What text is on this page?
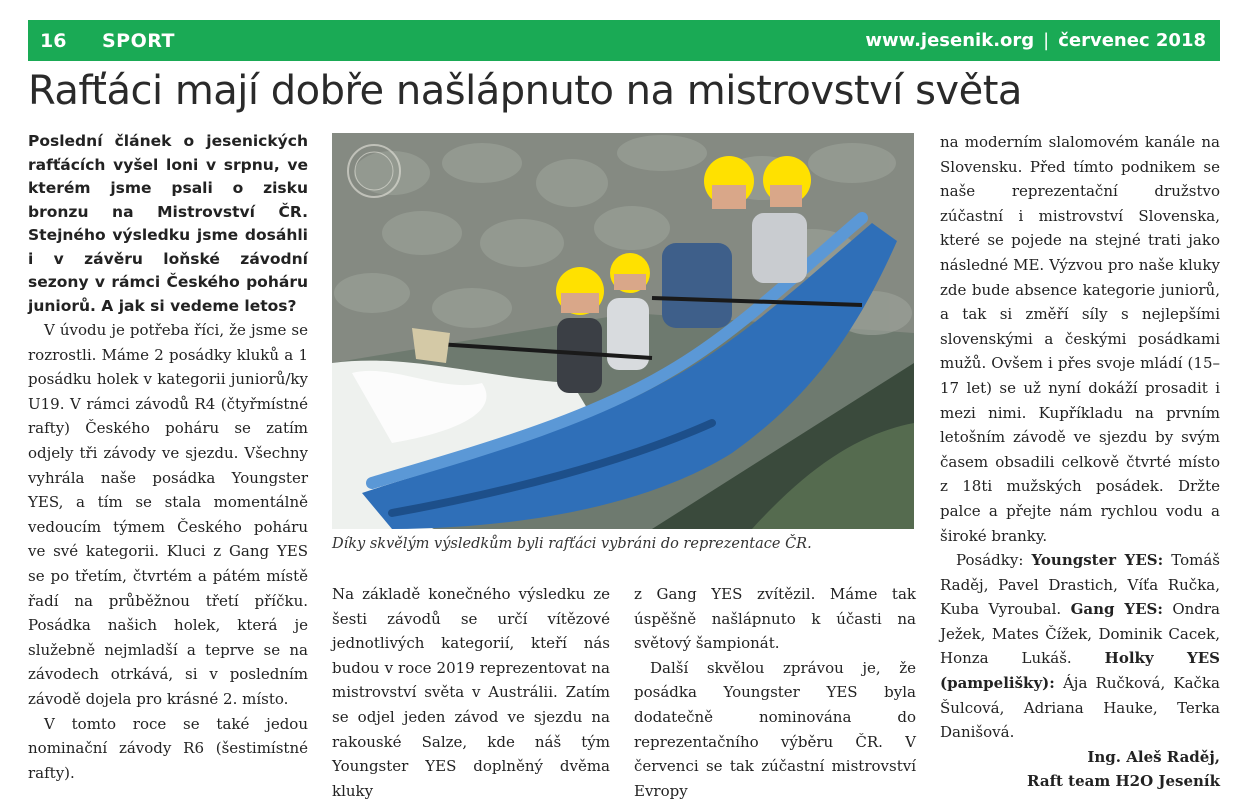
16 SPORT	www.jesenik.org | červenec 2018
Rafťáci mají dobře našlápnuto na mistrovství světa

Poslední článek o jesenických rafťácích vyšel loni v srpnu, ve kterém jsme psali o zisku bronzu na Mistrovství ČR. Stejného výsledku jsme dosáhli i v závěru loňské závodní sezony v rámci Českého poháru juniorů. A jak si vedeme letos?

V úvodu je potřeba říci, že jsme se rozrostli. Máme 2 posádky kluků a 1 posádku holek v kategorii juniorů/ky U19. V rámci závodů R4 (čtyřmístné rafty) Českého poháru se zatím odjely tři závody ve sjezdu. Všechny vyhrála naše posádka Youngster YES, a tím se stala momentálně vedoucím týmem Českého poháru ve své kategorii. Kluci z Gang YES se po třetím, čtvrtém a pátém místě řadí na průběžnou třetí příčku. Posádka našich holek, která je služebně nejmladší a teprve se na závodech otrkává, si v posledním závodě dojela pro krásné 2. místo.

V tomto roce se také jedou nominační závody R6 (šestimístné rafty).

Díky skvělým výsledkům byli rafťáci vybráni do reprezentace ČR.

Na základě konečného výsledku ze šesti závodů se určí vítězové jednotlivých kategorií, kteří nás budou v roce 2019 reprezentovat na mistrovství světa v Austrálii. Zatím se odjel jeden závod ve sjezdu na rakouské Salze, kde náš tým Youngster YES doplněný dvěma kluky

z Gang YES zvítězil. Máme tak úspěšně našlápnuto k účasti na světový šampionát.

Další skvělou zprávou je, že posádka Youngster YES byla dodatečně nominována do reprezentačního výběru ČR. V červenci se tak zúčastní mistrovství Evropy

na moderním slalomovém kanále na Slovensku. Před tímto podnikem se naše reprezentační družstvo zúčastní i mistrovství Slovenska, které se pojede na stejné trati jako následné ME. Výzvou pro naše kluky zde bude absence kategorie juniorů, a tak si změří síly s nejlepšími slovenskými a českými posádkami mužů. Ovšem i přes svoje mládí (15–17 let) se už nyní dokáží prosadit i mezi nimi. Kupříkladu na prvním letošním závodě ve sjezdu by svým časem obsadili celkově čtvrté místo z 18ti mužských posádek. Držte palce a přejte nám rychlou vodu a široké branky.

Posádky: Youngster YES: Tomáš Raděj, Pavel Drastich, Víťa Ručka, Kuba Vyroubal. Gang YES: Ondra Ježek, Mates Čížek, Dominik Cacek, Honza Lukáš. Holky YES (pampelišky): Ája Ručková, Kačka Šulcová, Adriana Hauke, Terka Danišová.

Ing. Aleš Raděj,

Raft team H2O Jeseník
